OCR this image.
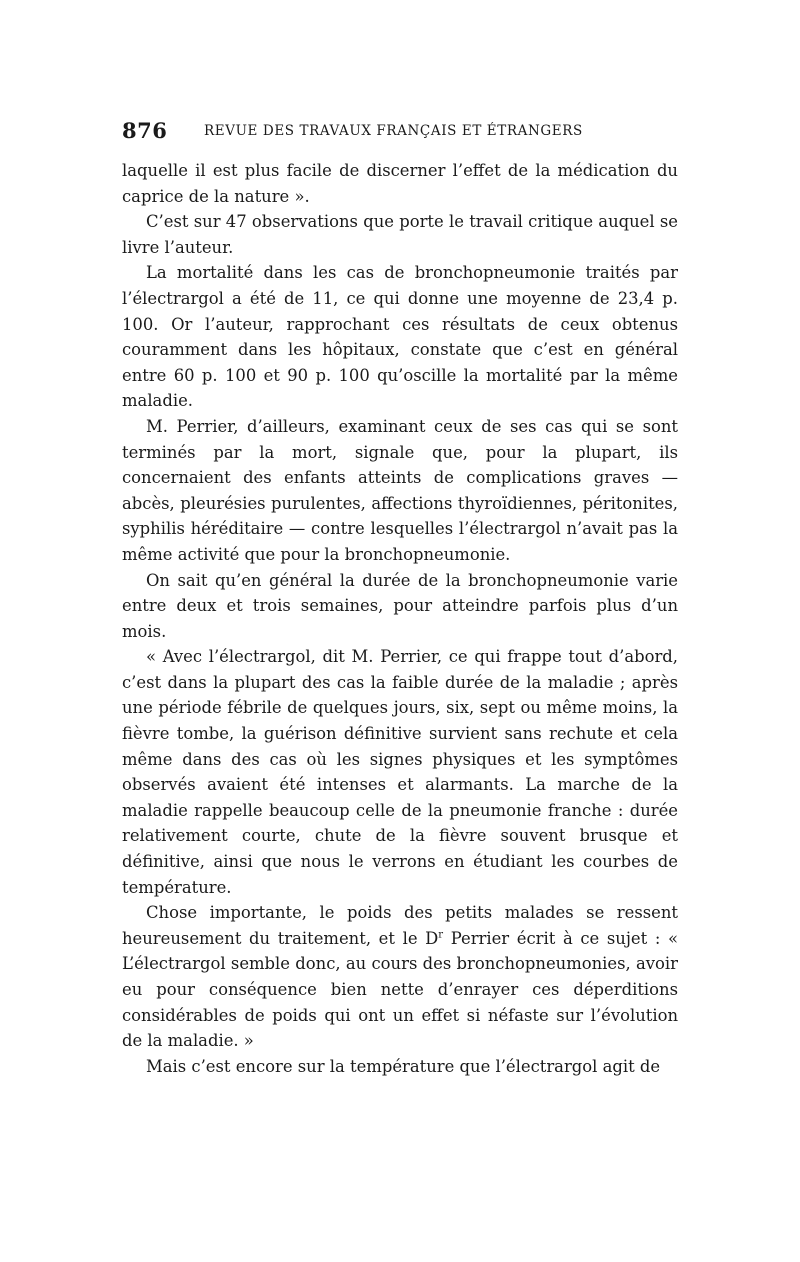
876	REVUE DES TRAVAUX FRANÇAIS ET ÉTRANGERS

laquelle il est plus facile de discerner l’effet de la médication du caprice de la nature ».

C’est sur 47 observations que porte le travail critique auquel se livre l’auteur.

La mortalité dans les cas de bronchopneumonie traités par l’électrargol a été de 11, ce qui donne une moyenne de 23,4 p. 100. Or l’auteur, rapprochant ces résultats de ceux obtenus couramment dans les hôpitaux, constate que c’est en général entre 60 p. 100 et 90 p. 100 qu’oscille la mortalité par la même maladie.

M. Perrier, d’ailleurs, examinant ceux de ses cas qui se sont terminés par la mort, signale que, pour la plupart, ils concernaient des enfants atteints de complications graves — abcès, pleurésies purulentes, affections thyroïdiennes, péritonites, syphilis héréditaire — contre lesquelles l’électrargol n’avait pas la même activité que pour la bronchopneumonie.

On sait qu’en général la durée de la bronchopneumonie varie entre deux et trois semaines, pour atteindre parfois plus d’un mois.

« Avec l’électrargol, dit M. Perrier, ce qui frappe tout d’abord, c’est dans la plupart des cas la faible durée de la maladie ; après une période fébrile de quelques jours, six, sept ou même moins, la fièvre tombe, la guérison définitive survient sans rechute et cela même dans des cas où les signes physiques et les symptômes observés avaient été intenses et alarmants. La marche de la maladie rappelle beaucoup celle de la pneumonie franche : durée relativement courte, chute de la fièvre souvent brusque et définitive, ainsi que nous le verrons en étudiant les courbes de température.

Chose importante, le poids des petits malades se ressent heureusement du traitement, et le $D^r$ Perrier écrit à ce sujet : « L’électrargol semble donc, au cours des bronchopneumonies, avoir eu pour conséquence bien nette d’enrayer ces déperditions considérables de poids qui ont un effet si néfaste sur l’évolution de la maladie. »

Mais c’est encore sur la température que l’électrargol agit de
